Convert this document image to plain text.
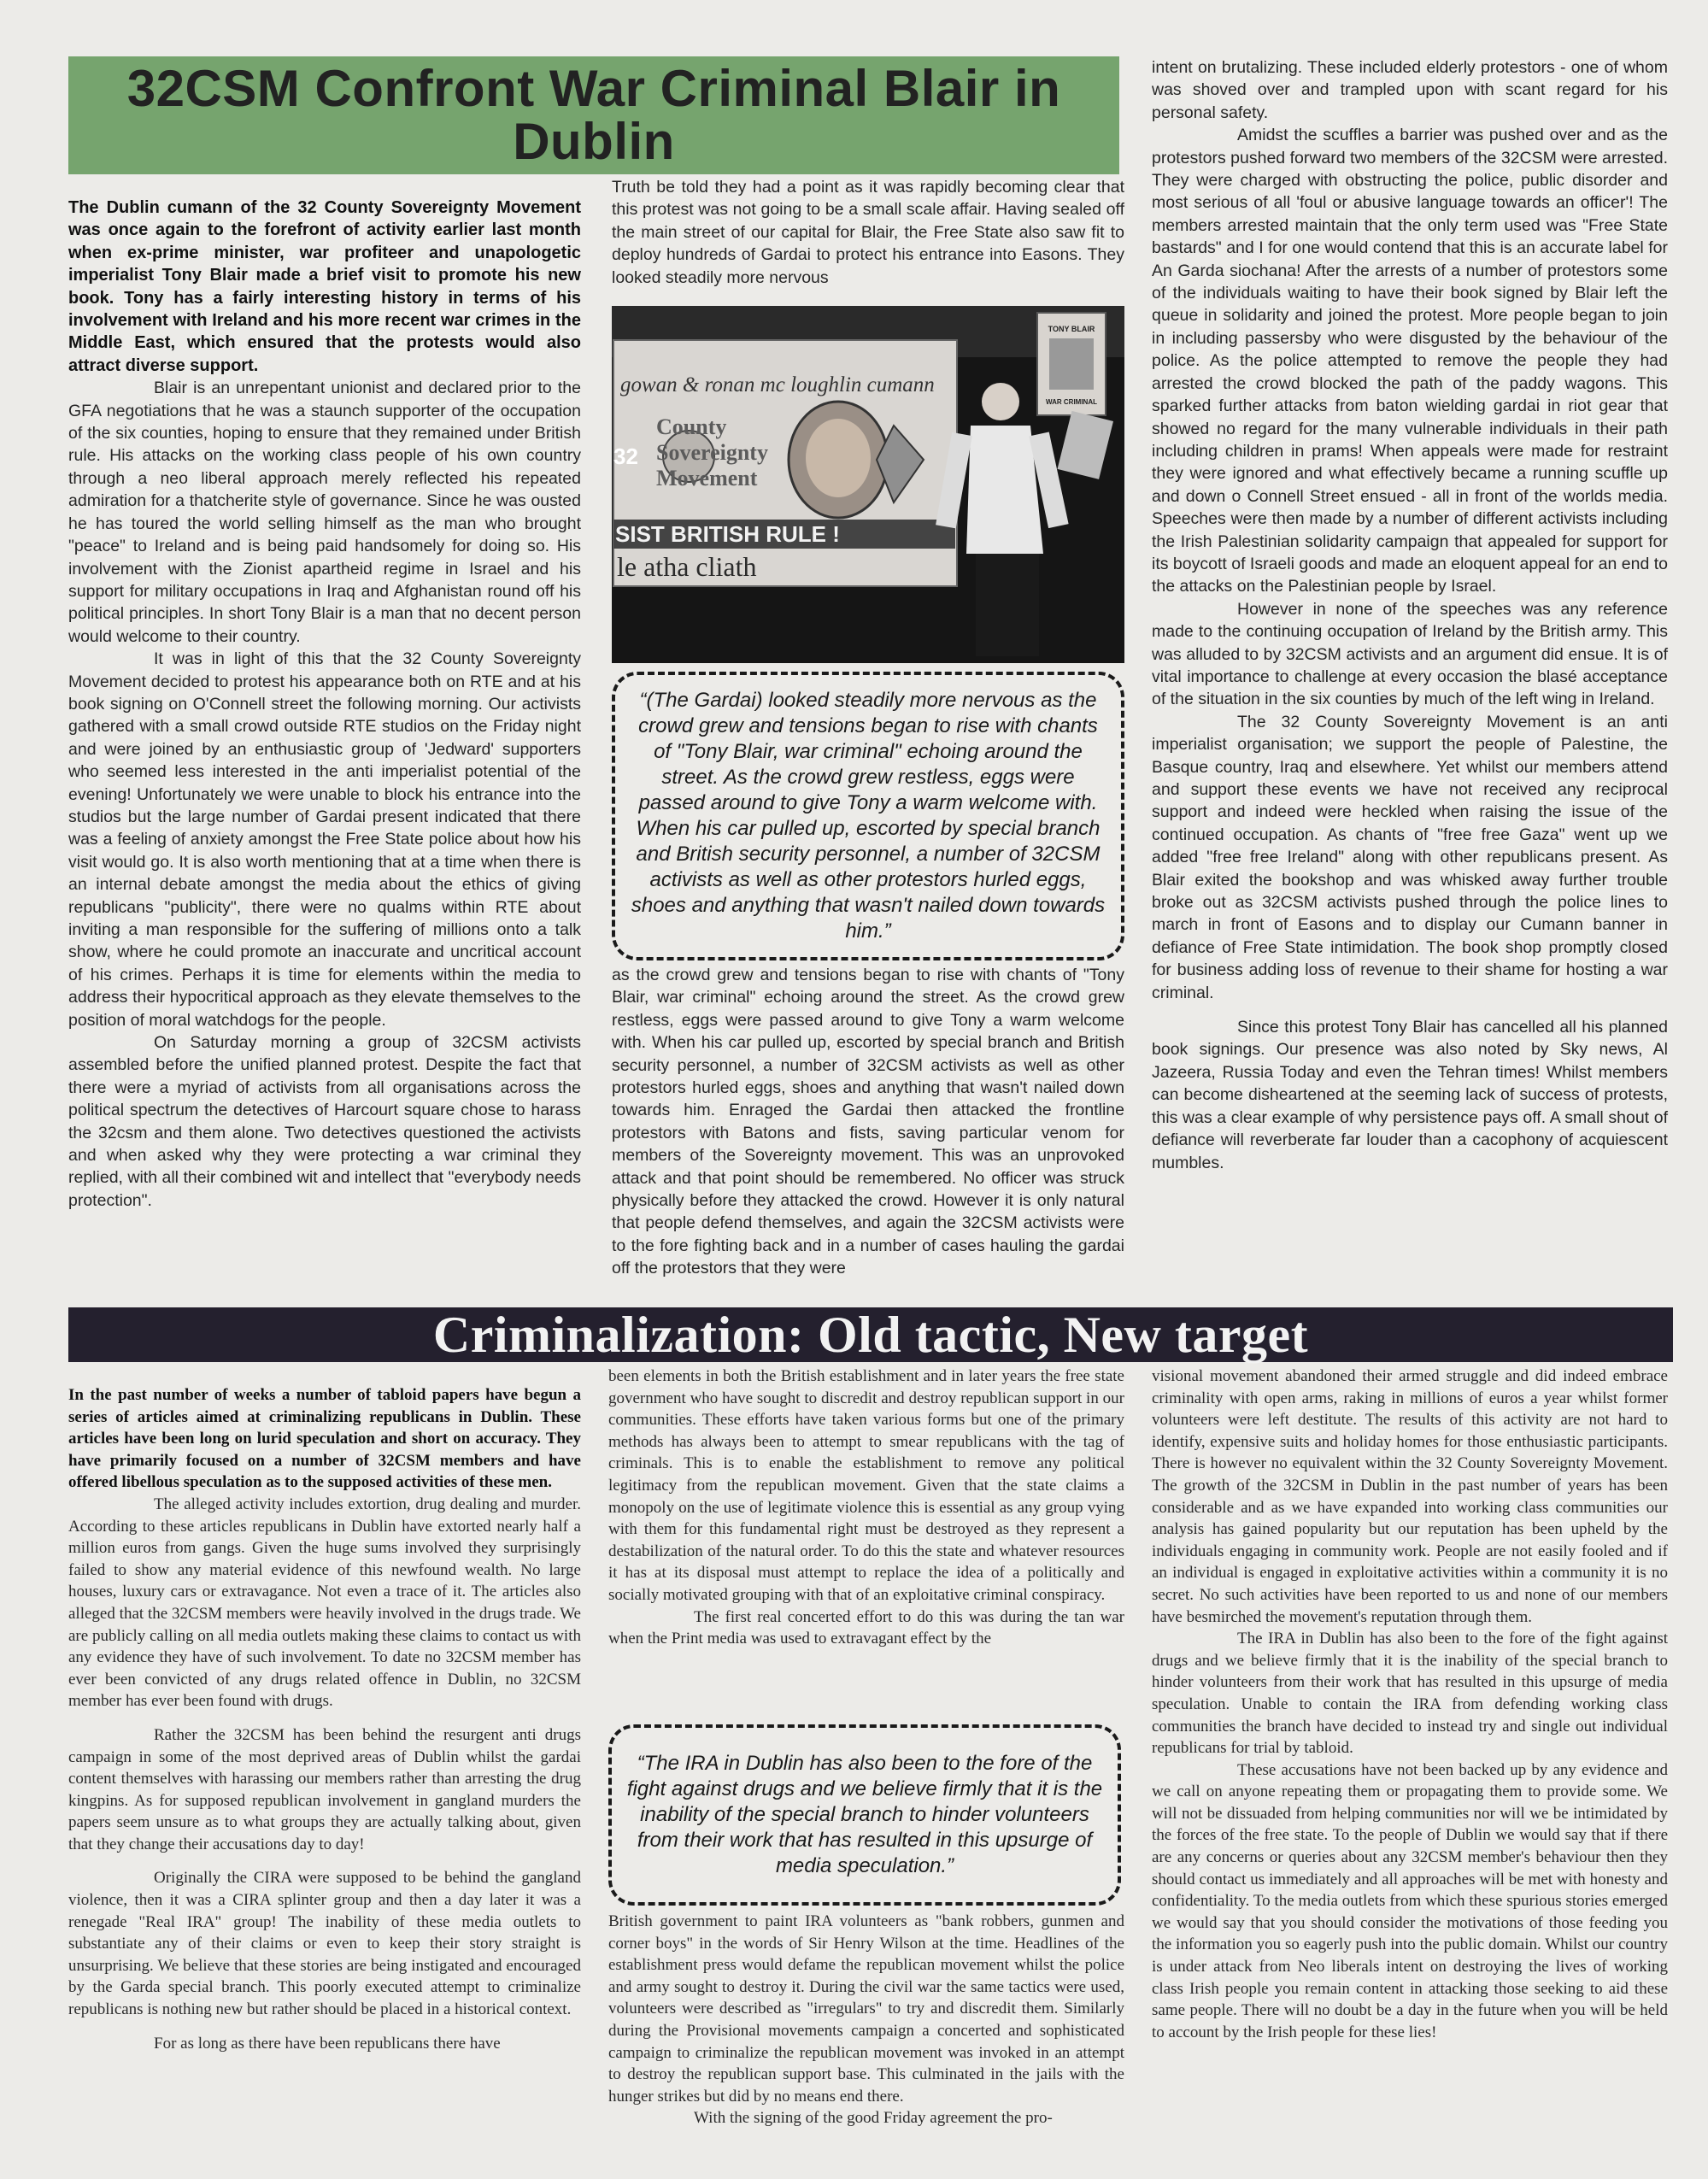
32CSM Confront War Criminal Blair in Dublin

The Dublin cumann of the 32 County Sovereignty Movement was once again to the forefront of activity earlier last month when ex-prime minister, war profiteer and unapologetic imperialist Tony Blair made a brief visit to promote his new book. Tony has a fairly interesting history in terms of his involvement with Ireland and his more recent war crimes in the Middle East, which ensured that the protests would also attract diverse support.

Blair is an unrepentant unionist and declared prior to the GFA negotiations that he was a staunch supporter of the occupation of the six counties, hoping to ensure that they remained under British rule. His attacks on the working class people of his own country through a neo liberal approach merely reflected his repeated admiration for a thatcherite style of governance. Since he was ousted he has toured the world selling himself as the man who brought "peace" to Ireland and is being paid handsomely for doing so. His involvement with the Zionist apartheid regime in Israel and his support for military occupations in Iraq and Afghanistan round off his political principles. In short Tony Blair is a man that no decent person would welcome to their country.

It was in light of this that the 32 County Sovereignty Movement decided to protest his appearance both on RTE and at his book signing on O'Connell street the following morning. Our activists gathered with a small crowd outside RTE studios on the Friday night and were joined by an enthusiastic group of 'Jedward' supporters who seemed less interested in the anti imperialist potential of the evening! Unfortunately we were unable to block his entrance into the studios but the large number of Gardai present indicated that there was a feeling of anxiety amongst the Free State police about how his visit would go. It is also worth mentioning that at a time when there is an internal debate amongst the media about the ethics of giving republicans "publicity", there were no qualms within RTE about inviting a man responsible for the suffering of millions onto a talk show, where he could promote an inaccurate and uncritical account of his crimes. Perhaps it is time for elements within the media to address their hypocritical approach as they elevate themselves to the position of moral watchdogs for the people.

On Saturday morning a group of 32CSM activists assembled before the unified planned protest. Despite the fact that there were a myriad of activists from all organisations across the political spectrum the detectives of Harcourt square chose to harass the 32csm and them alone. Two detectives questioned the activists and when asked why they were protecting a war criminal they replied, with all their combined wit and intellect that "everybody needs protection".

Truth be told they had a point as it was rapidly becoming clear that this protest was not going to be a small scale affair. Having sealed off the main street of our capital for Blair, the Free State also saw fit to deploy hundreds of Gardai to protect his entrance into Easons. They looked steadily more nervous

gowan & ronan mc loughlin cumann
32
County
Sovereignty
Movement
SIST BRITISH RULE !
le atha cliath
TONY BLAIR
WAR CRIMINAL
“(The Gardai) looked steadily more nervous as the crowd grew and tensions began to rise with chants of "Tony Blair, war criminal" echoing around the street. As the crowd grew restless, eggs were passed around to give Tony a warm welcome with. When his car pulled up, escorted by special branch and British security personnel, a number of 32CSM activists as well as other protestors hurled eggs, shoes and anything that wasn't nailed down towards him.”

as the crowd grew and tensions began to rise with chants of "Tony Blair, war criminal" echoing around the street. As the crowd grew restless, eggs were passed around to give Tony a warm welcome with. When his car pulled up, escorted by special branch and British security personnel, a number of 32CSM activists as well as other protestors hurled eggs, shoes and anything that wasn't nailed down towards him. Enraged the Gardai then attacked the frontline protestors with Batons and fists, saving particular venom for members of the Sovereignty movement. This was an unprovoked attack and that point should be remembered. No officer was struck physically before they attacked the crowd. However it is only natural that people defend themselves, and again the 32CSM activists were to the fore fighting back and in a number of cases hauling the gardai off the protestors that they were

intent on brutalizing. These included elderly protestors - one of whom was shoved over and trampled upon with scant regard for his personal safety.

Amidst the scuffles a barrier was pushed over and as the protestors pushed forward two members of the 32CSM were arrested. They were charged with obstructing the police, public disorder and most serious of all 'foul or abusive language towards an officer'! The members arrested maintain that the only term used was "Free State bastards" and I for one would contend that this is an accurate label for An Garda siochana! After the arrests of a number of protestors some of the individuals waiting to have their book signed by Blair left the queue in solidarity and joined the protest. More people began to join in including passersby who were disgusted by the behaviour of the police. As the police attempted to remove the people they had arrested the crowd blocked the path of the paddy wagons. This sparked further attacks from baton wielding gardai in riot gear that showed no regard for the many vulnerable individuals in their path including children in prams! When appeals were made for restraint they were ignored and what effectively became a running scuffle up and down o Connell Street ensued - all in front of the worlds media. Speeches were then made by a number of different activists including the Irish Palestinian solidarity campaign that appealed for support for its boycott of Israeli goods and made an eloquent appeal for an end to the attacks on the Palestinian people by Israel.

However in none of the speeches was any reference made to the continuing occupation of Ireland by the British army. This was alluded to by 32CSM activists and an argument did ensue. It is of vital importance to challenge at every occasion the blasé acceptance of the situation in the six counties by much of the left wing in Ireland.

The 32 County Sovereignty Movement is an anti imperialist organisation; we support the people of Palestine, the Basque country, Iraq and elsewhere. Yet whilst our members attend and support these events we have not received any reciprocal support and indeed were heckled when raising the issue of the continued occupation. As chants of "free free Gaza" went up we added "free free Ireland" along with other republicans present. As Blair exited the bookshop and was whisked away further trouble broke out as 32CSM activists pushed through the police lines to march in front of Easons and to display our Cumann banner in defiance of Free State intimidation. The book shop promptly closed for business adding loss of revenue to their shame for hosting a war criminal.

Since this protest Tony Blair has cancelled all his planned book signings. Our presence was also noted by Sky news, Al Jazeera, Russia Today and even the Tehran times! Whilst members can become disheartened at the seeming lack of success of protests, this was a clear example of why persistence pays off. A small shout of defiance will reverberate far louder than a cacophony of acquiescent mumbles.

Criminalization: Old tactic, New target

In the past number of weeks a number of tabloid papers have begun a series of articles aimed at criminalizing republicans in Dublin. These articles have been long on lurid speculation and short on accuracy. They have primarily focused on a number of 32CSM members and have offered libellous speculation as to the supposed activities of these men.

The alleged activity includes extortion, drug dealing and murder. According to these articles republicans in Dublin have extorted nearly half a million euros from gangs. Given the huge sums involved they surprisingly failed to show any material evidence of this newfound wealth. No large houses, luxury cars or extravagance. Not even a trace of it. The articles also alleged that the 32CSM members were heavily involved in the drugs trade. We are publicly calling on all media outlets making these claims to contact us with any evidence they have of such involvement. To date no 32CSM member has ever been convicted of any drugs related offence in Dublin, no 32CSM member has ever been found with drugs.

Rather the 32CSM has been behind the resurgent anti drugs campaign in some of the most deprived areas of Dublin whilst the gardai content themselves with harassing our members rather than arresting the drug kingpins. As for supposed republican involvement in gangland murders the papers seem unsure as to what groups they are actually talking about, given that they change their accusations day to day!

Originally the CIRA were supposed to be behind the gangland violence, then it was a CIRA splinter group and then a day later it was a renegade "Real IRA" group! The inability of these media outlets to substantiate any of their claims or even to keep their story straight is unsurprising. We believe that these stories are being instigated and encouraged by the Garda special branch. This poorly executed attempt to criminalize republicans is nothing new but rather should be placed in a historical context.

For as long as there have been republicans there have

been elements in both the British establishment and in later years the free state government who have sought to discredit and destroy republican support in our communities. These efforts have taken various forms but one of the primary methods has always been to attempt to smear republicans with the tag of criminals. This is to enable the establishment to remove any political legitimacy from the republican movement. Given that the state claims a monopoly on the use of legitimate violence this is essential as any group vying with them for this fundamental right must be destroyed as they represent a destabilization of the natural order. To do this the state and whatever resources it has at its disposal must attempt to replace the idea of a politically and socially motivated grouping with that of an exploitative criminal conspiracy.

The first real concerted effort to do this was during the tan war when the Print media was used to extravagant effect by the

“The IRA in Dublin has also been to the fore of the fight against drugs and we believe firmly that it is the inability of the special branch to hinder volunteers from their work that has resulted in this upsurge of media speculation.”

British government to paint IRA volunteers as "bank robbers, gunmen and corner boys" in the words of Sir Henry Wilson at the time. Headlines of the establishment press would defame the republican movement whilst the police and army sought to destroy it. During the civil war the same tactics were used, volunteers were described as "irregulars" to try and discredit them. Similarly during the Provisional movements campaign a concerted and sophisticated campaign to criminalize the republican movement was invoked in an attempt to destroy the republican support base. This culminated in the jails with the hunger strikes but did by no means end there.

With the signing of the good Friday agreement the pro-

visional movement abandoned their armed struggle and did indeed embrace criminality with open arms, raking in millions of euros a year whilst former volunteers were left destitute. The results of this activity are not hard to identify, expensive suits and holiday homes for those enthusiastic participants. There is however no equivalent within the 32 County Sovereignty Movement. The growth of the 32CSM in Dublin in the past number of years has been considerable and as we have expanded into working class communities our analysis has gained popularity but our reputation has been upheld by the individuals engaging in community work. People are not easily fooled and if an individual is engaged in exploitative activities within a community it is no secret. No such activities have been reported to us and none of our members have besmirched the movement's reputation through them.

The IRA in Dublin has also been to the fore of the fight against drugs and we believe firmly that it is the inability of the special branch to hinder volunteers from their work that has resulted in this upsurge of media speculation. Unable to contain the IRA from defending working class communities the branch have decided to instead try and single out individual republicans for trial by tabloid.

These accusations have not been backed up by any evidence and we call on anyone repeating them or propagating them to provide some. We will not be dissuaded from helping communities nor will we be intimidated by the forces of the free state. To the people of Dublin we would say that if there are any concerns or queries about any 32CSM member's behaviour then they should contact us immediately and all approaches will be met with honesty and confidentiality. To the media outlets from which these spurious stories emerged we would say that you should consider the motivations of those feeding you the information you so eagerly push into the public domain. Whilst our country is under attack from Neo liberals intent on destroying the lives of working class Irish people you remain content in attacking those seeking to aid these same people. There will no doubt be a day in the future when you will be held to account by the Irish people for these lies!
